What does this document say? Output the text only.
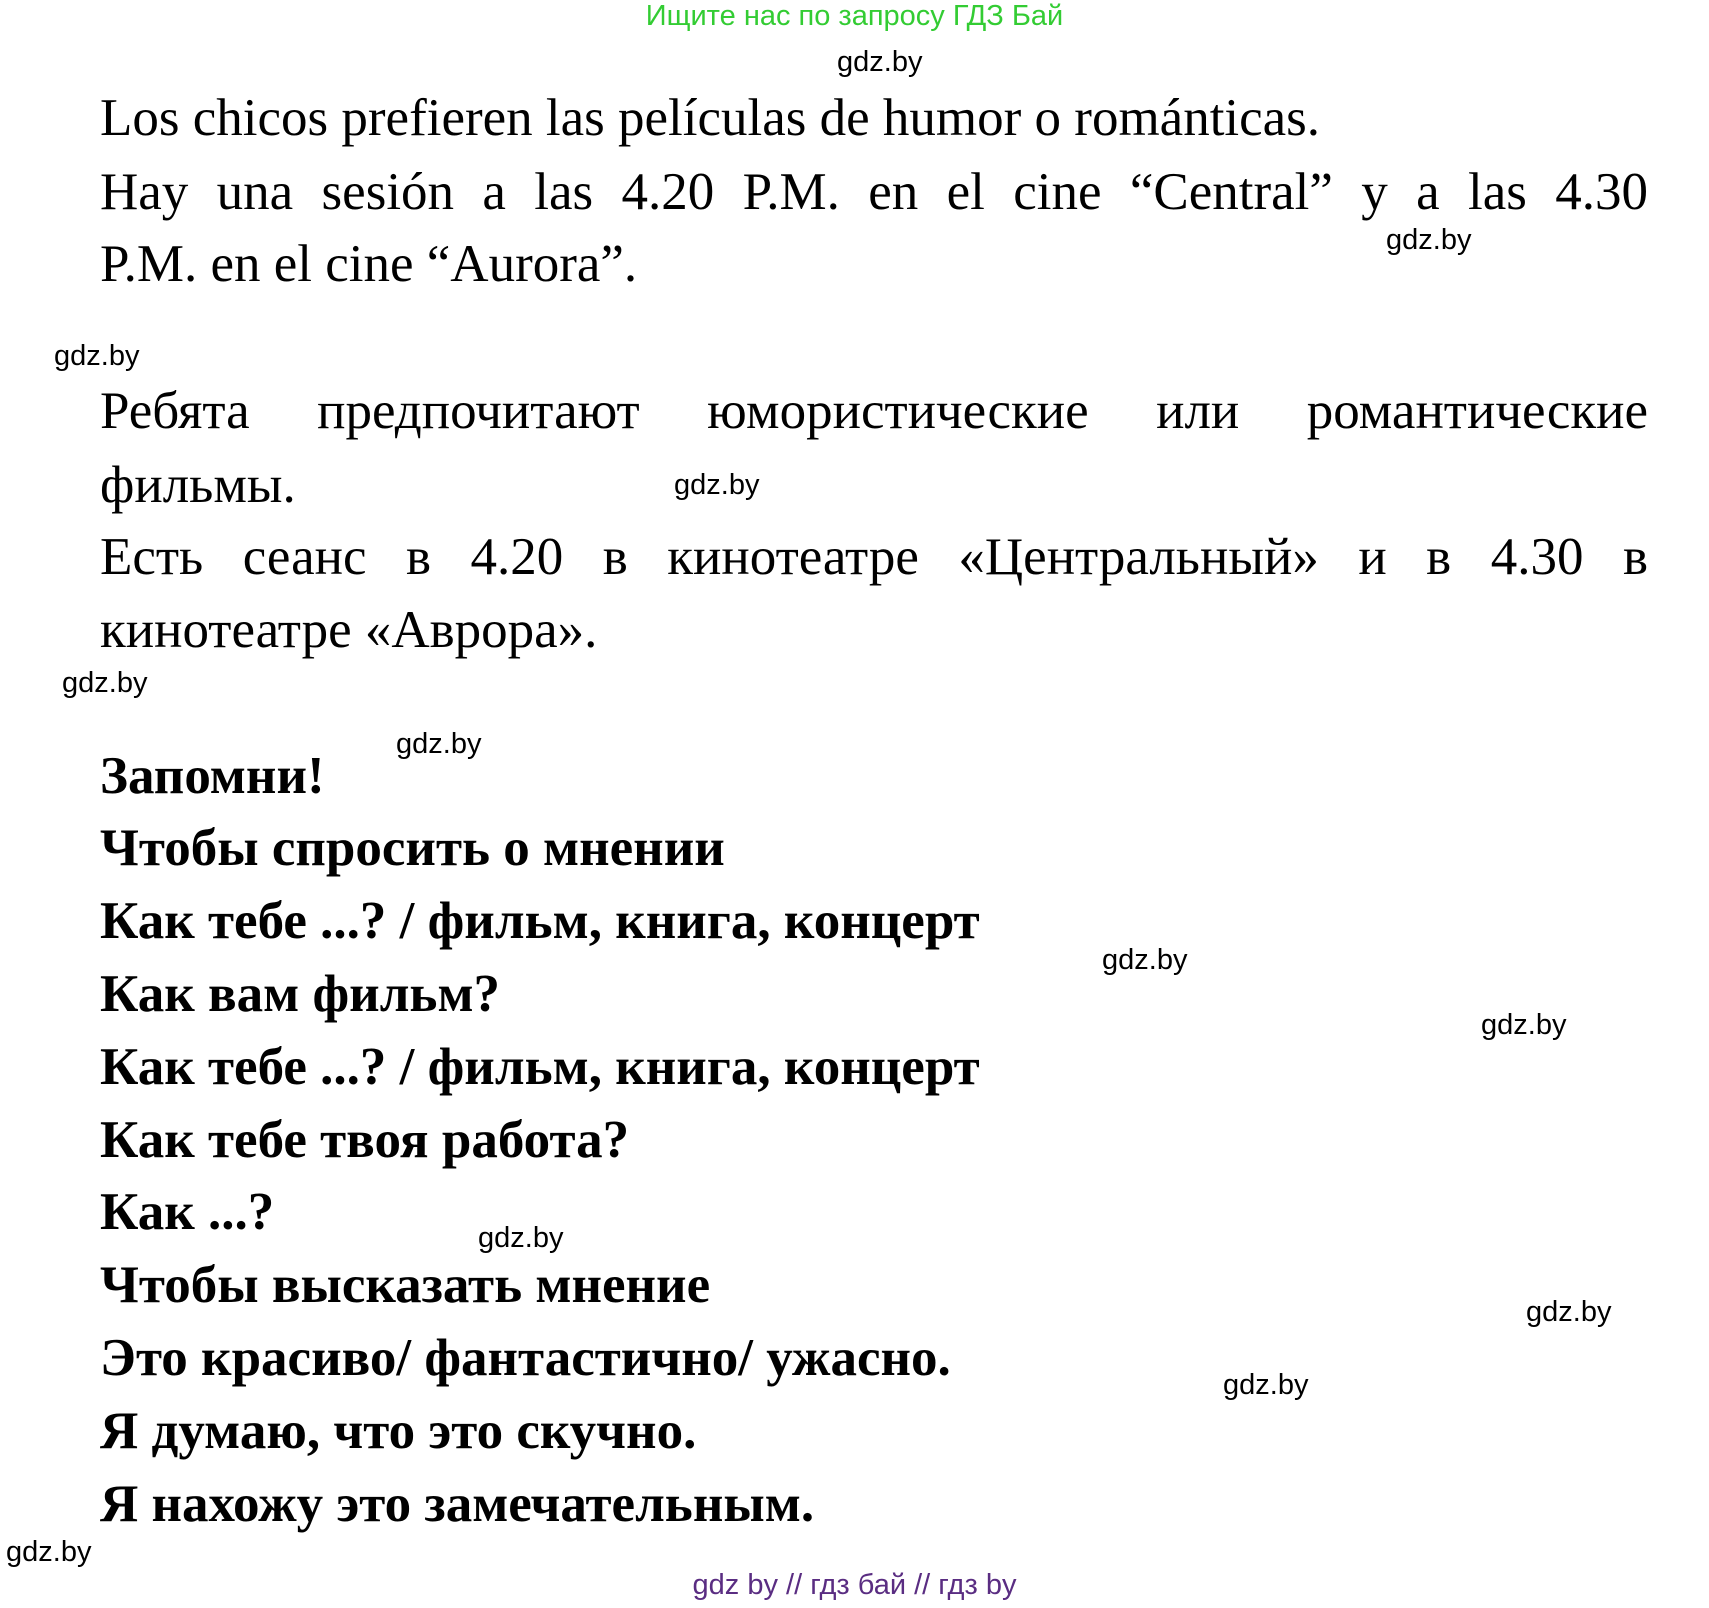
Ищите нас по запросу ГДЗ Бай
Los chicos prefieren las películas de humor o románticas.
Hay una sesión a las 4.20 P.M. en el cine “Central” y a las 4.30
P.M. en el cine “Aurora”.
Ребята предпочитают юмористические или романтические
фильмы.
Есть сеанс в 4.20 в кинотеатре «Центральный» и в 4.30 в
кинотеатре «Аврора».
Запомни!
Чтобы спросить о мнении
Как тебе ...? / фильм, книга, концерт
Как вам фильм?
Как тебе ...? / фильм, книга, концерт
Как тебе твоя работа?
Как ...?
Чтобы высказать мнение
Это красиво/ фантастично/ ужасно.
Я думаю, что это скучно.
Я нахожу это замечательным.
gdz.by
gdz.by
gdz.by
gdz.by
gdz.by
gdz.by
gdz.by
gdz.by
gdz.by
gdz.by
gdz.by
gdz.by
gdz by // гдз бай // гдз by
